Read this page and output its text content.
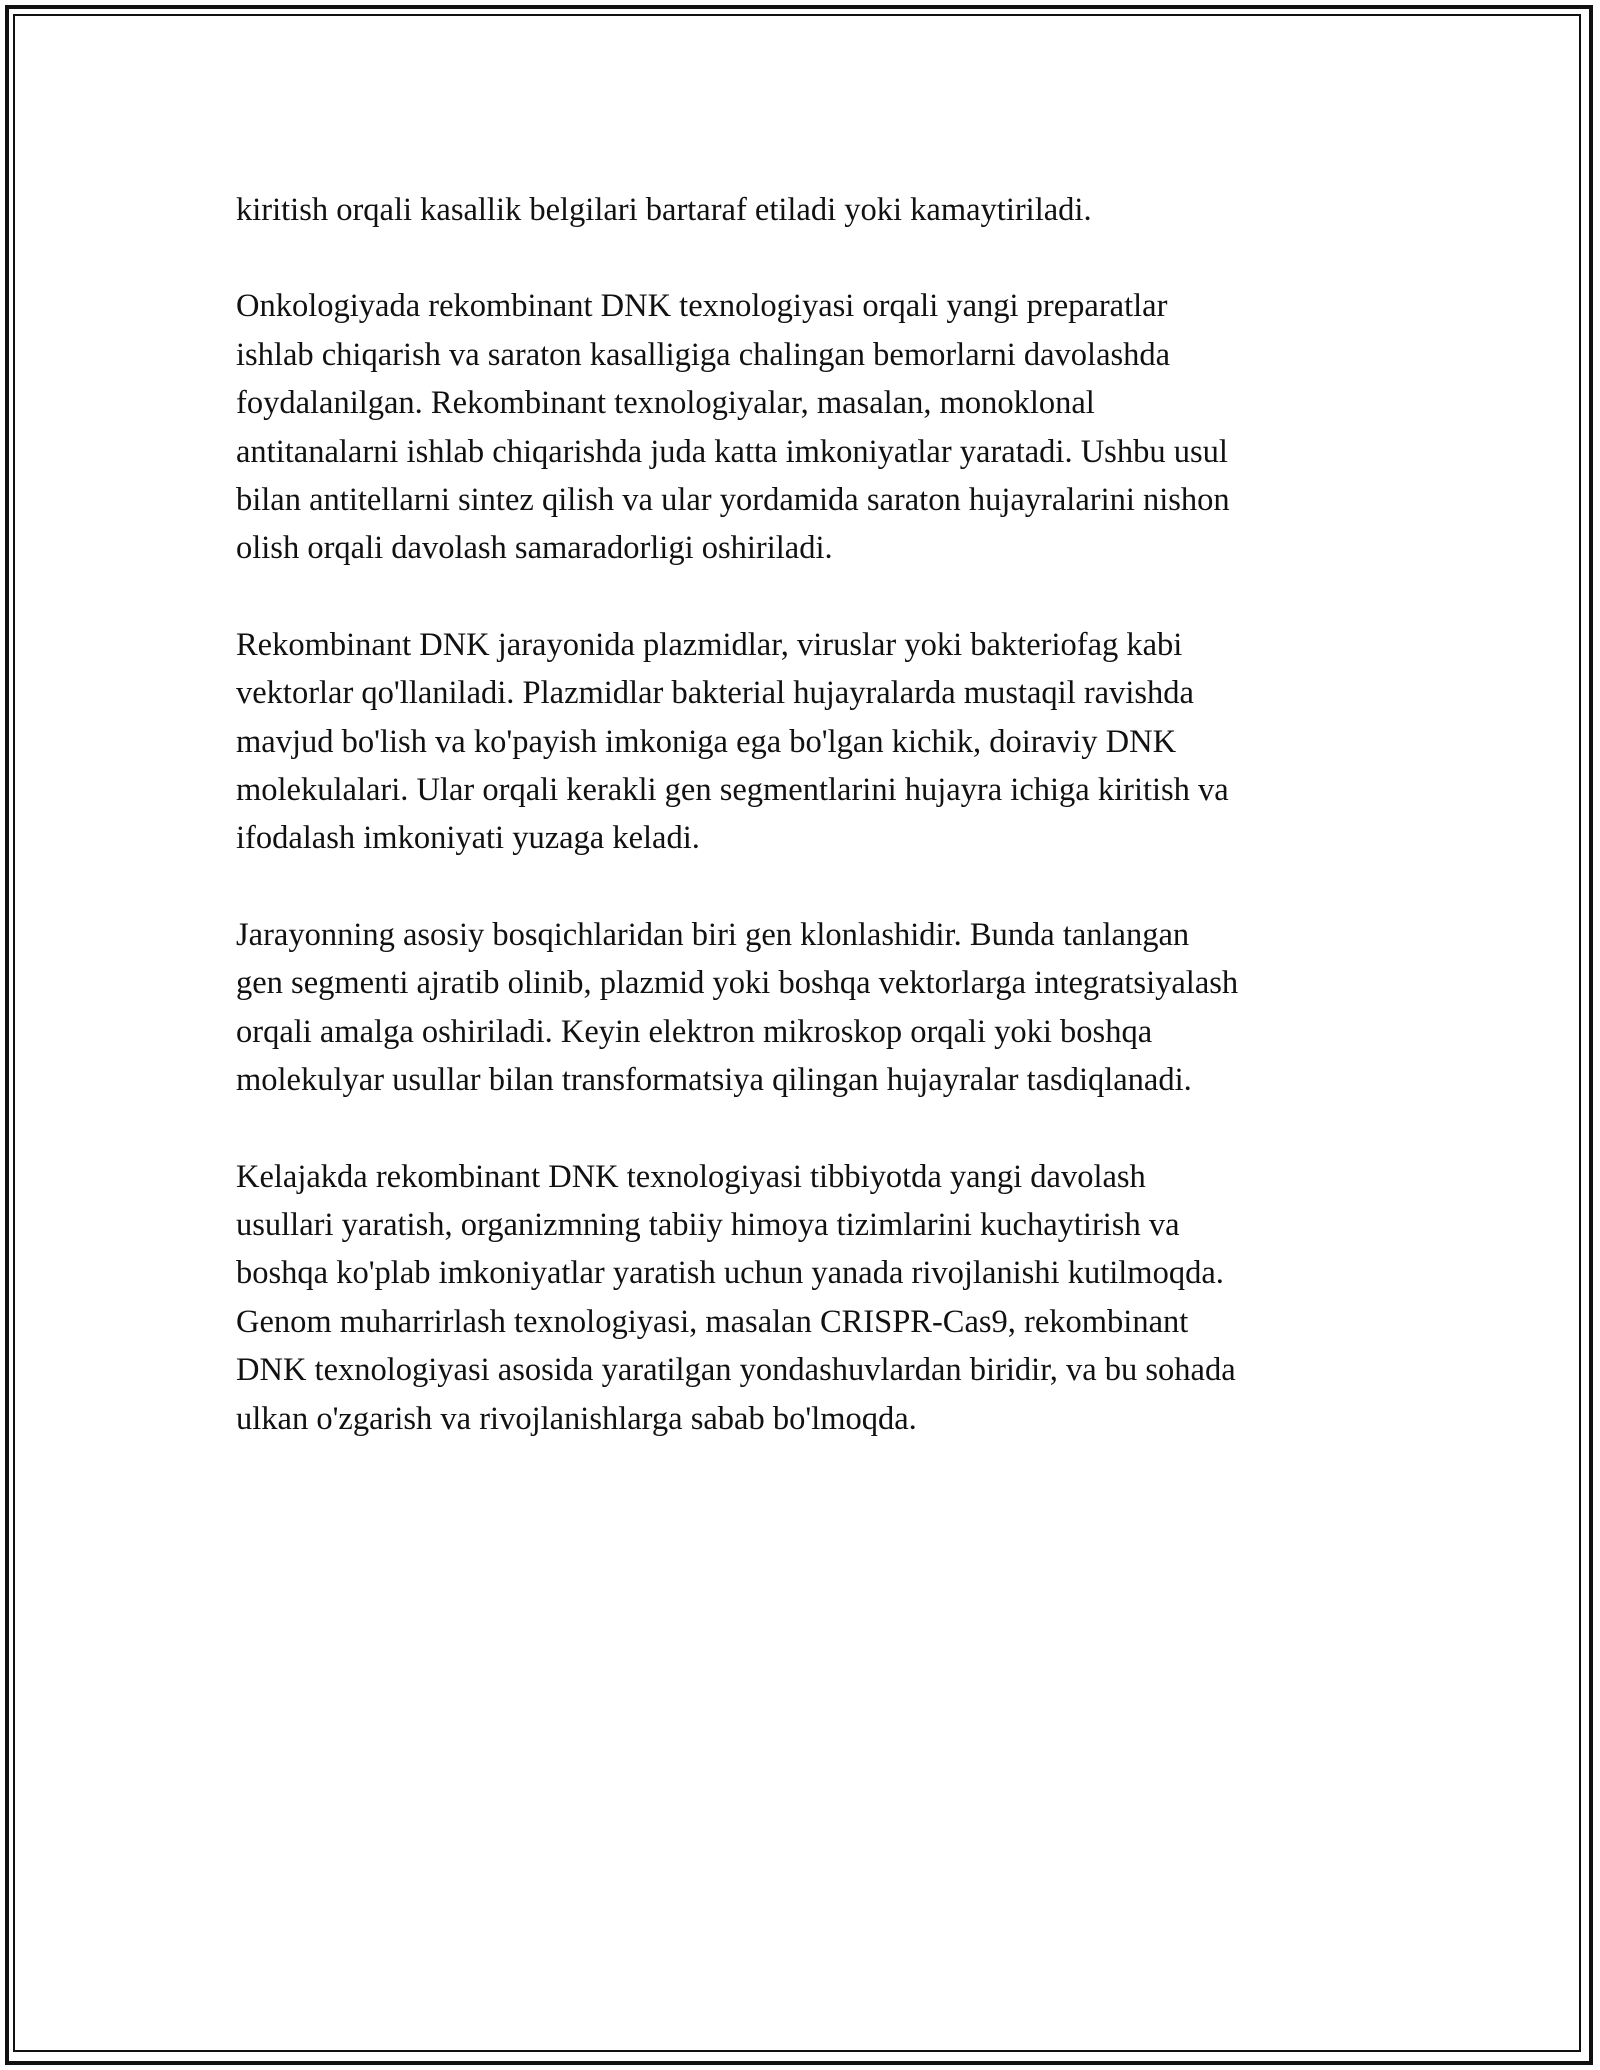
kiritish orqali kasallik belgilari bartaraf etiladi yoki kamaytiriladi.

Onkologiyada rekombinant DNK texnologiyasi orqali yangi preparatlar
ishlab chiqarish va saraton kasalligiga chalingan bemorlarni davolashda
foydalanilgan. Rekombinant texnologiyalar, masalan, monoklonal
antitanalarni ishlab chiqarishda juda katta imkoniyatlar yaratadi. Ushbu usul
bilan antitellarni sintez qilish va ular yordamida saraton hujayralarini nishon
olish orqali davolash samaradorligi oshiriladi.

Rekombinant DNK jarayonida plazmidlar, viruslar yoki bakteriofag kabi
vektorlar qo'llaniladi. Plazmidlar bakterial hujayralarda mustaqil ravishda
mavjud bo'lish va ko'payish imkoniga ega bo'lgan kichik, doiraviy DNK
molekulalari. Ular orqali kerakli gen segmentlarini hujayra ichiga kiritish va
ifodalash imkoniyati yuzaga keladi.

Jarayonning asosiy bosqichlaridan biri gen klonlashidir. Bunda tanlangan
gen segmenti ajratib olinib, plazmid yoki boshqa vektorlarga integratsiyalash
orqali amalga oshiriladi. Keyin elektron mikroskop orqali yoki boshqa
molekulyar usullar bilan transformatsiya qilingan hujayralar tasdiqlanadi.

Kelajakda rekombinant DNK texnologiyasi tibbiyotda yangi davolash
usullari yaratish, organizmning tabiiy himoya tizimlarini kuchaytirish va
boshqa ko'plab imkoniyatlar yaratish uchun yanada rivojlanishi kutilmoqda.
Genom muharrirlash texnologiyasi, masalan CRISPR-Cas9, rekombinant
DNK texnologiyasi asosida yaratilgan yondashuvlardan biridir, va bu sohada
ulkan o'zgarish va rivojlanishlarga sabab bo'lmoqda.
